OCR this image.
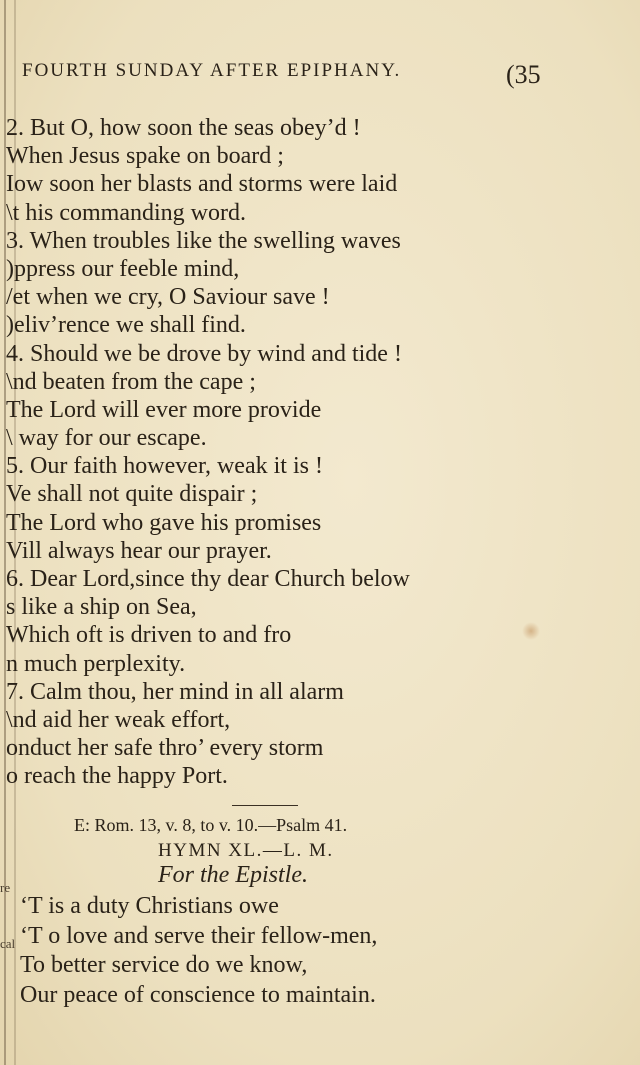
FOURTH SUNDAY AFTER EPIPHANY.	(35
2. But O, how soon the seas obey’d !
When Jesus spake on board ;
Iow soon her blasts and storms were laid
\t his commanding word.
3. When troubles like the swelling waves
)ppress our feeble mind,
/et when we cry, O Saviour save !
)eliv’rence we shall find.
4. Should we be drove by wind and tide !
\nd beaten from the cape ;
The Lord will ever more provide
\ way for our escape.
5. Our faith however, weak it is !
Ve shall not quite dispair ;
The Lord who gave his promises
Vill always hear our prayer.
6. Dear Lord,since thy dear Church below
s like a ship on Sea,
Which oft is driven to and fro
n much perplexity.
7. Calm thou, her mind in all alarm
\nd aid her weak effort,
onduct her safe thro’ every storm
o reach the happy Port.
E: Rom. 13, v. 8, to v. 10.—Psalm 41.
HYMN XL.—L. M.
For the Epistle.
‘T is a duty Christians owe
‘T o love and serve their fellow-men,
To better service do we know,
Our peace of conscience to maintain.
re
cal
